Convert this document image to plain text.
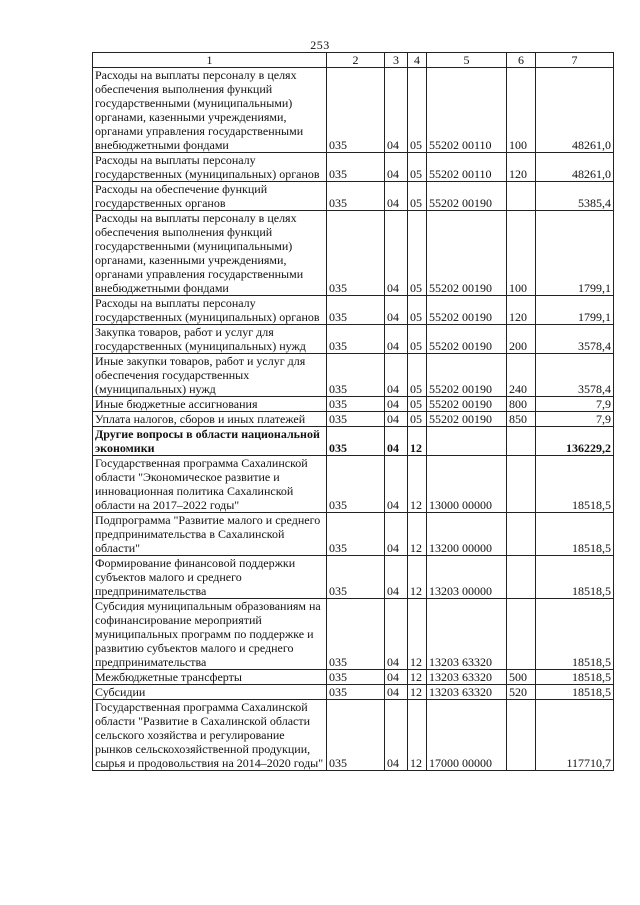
253
1	2	3	4	5	6	7
Расходы на выплаты персоналу в целях обеспечения выполнения функций государственными (муниципальными) органами, казенными учреждениями, органами управления государственными внебюджетными фондами	035	04	05	55202 00110	100	48261,0
Расходы на выплаты персоналу государственных (муниципальных) органов	035	04	05	55202 00110	120	48261,0
Расходы на обеспечение функций государственных органов	035	04	05	55202 00190		5385,4
Расходы на выплаты персоналу в целях обеспечения выполнения функций государственными (муниципальными) органами, казенными учреждениями, органами управления государственными внебюджетными фондами	035	04	05	55202 00190	100	1799,1
Расходы на выплаты персоналу государственных (муниципальных) органов	035	04	05	55202 00190	120	1799,1
Закупка товаров, работ и услуг для государственных (муниципальных) нужд	035	04	05	55202 00190	200	3578,4
Иные закупки товаров, работ и услуг для обеспечения государственных (муниципальных) нужд	035	04	05	55202 00190	240	3578,4
Иные бюджетные ассигнования	035	04	05	55202 00190	800	7,9
Уплата налогов, сборов и иных платежей	035	04	05	55202 00190	850	7,9
Другие вопросы в области национальной экономики	035	04	12			136229,2
Государственная программа Сахалинской области "Экономическое развитие и инновационная политика Сахалинской области на 2017–2022 годы"	035	04	12	13000 00000		18518,5
Подпрограмма "Развитие малого и среднего предпринимательства в Сахалинской области"	035	04	12	13200 00000		18518,5
Формирование финансовой поддержки субъектов малого и среднего предпринимательства	035	04	12	13203 00000		18518,5
Субсидия муниципальным образованиям на софинансирование мероприятий муниципальных программ по поддержке и развитию субъектов малого и среднего предпринимательства	035	04	12	13203 63320		18518,5
Межбюджетные трансферты	035	04	12	13203 63320	500	18518,5
Субсидии	035	04	12	13203 63320	520	18518,5
Государственная программа Сахалинской области "Развитие в Сахалинской области сельского хозяйства и регулирование рынков сельскохозяйственной продукции, сырья и продовольствия на 2014–2020 годы"	035	04	12	17000 00000		117710,7
